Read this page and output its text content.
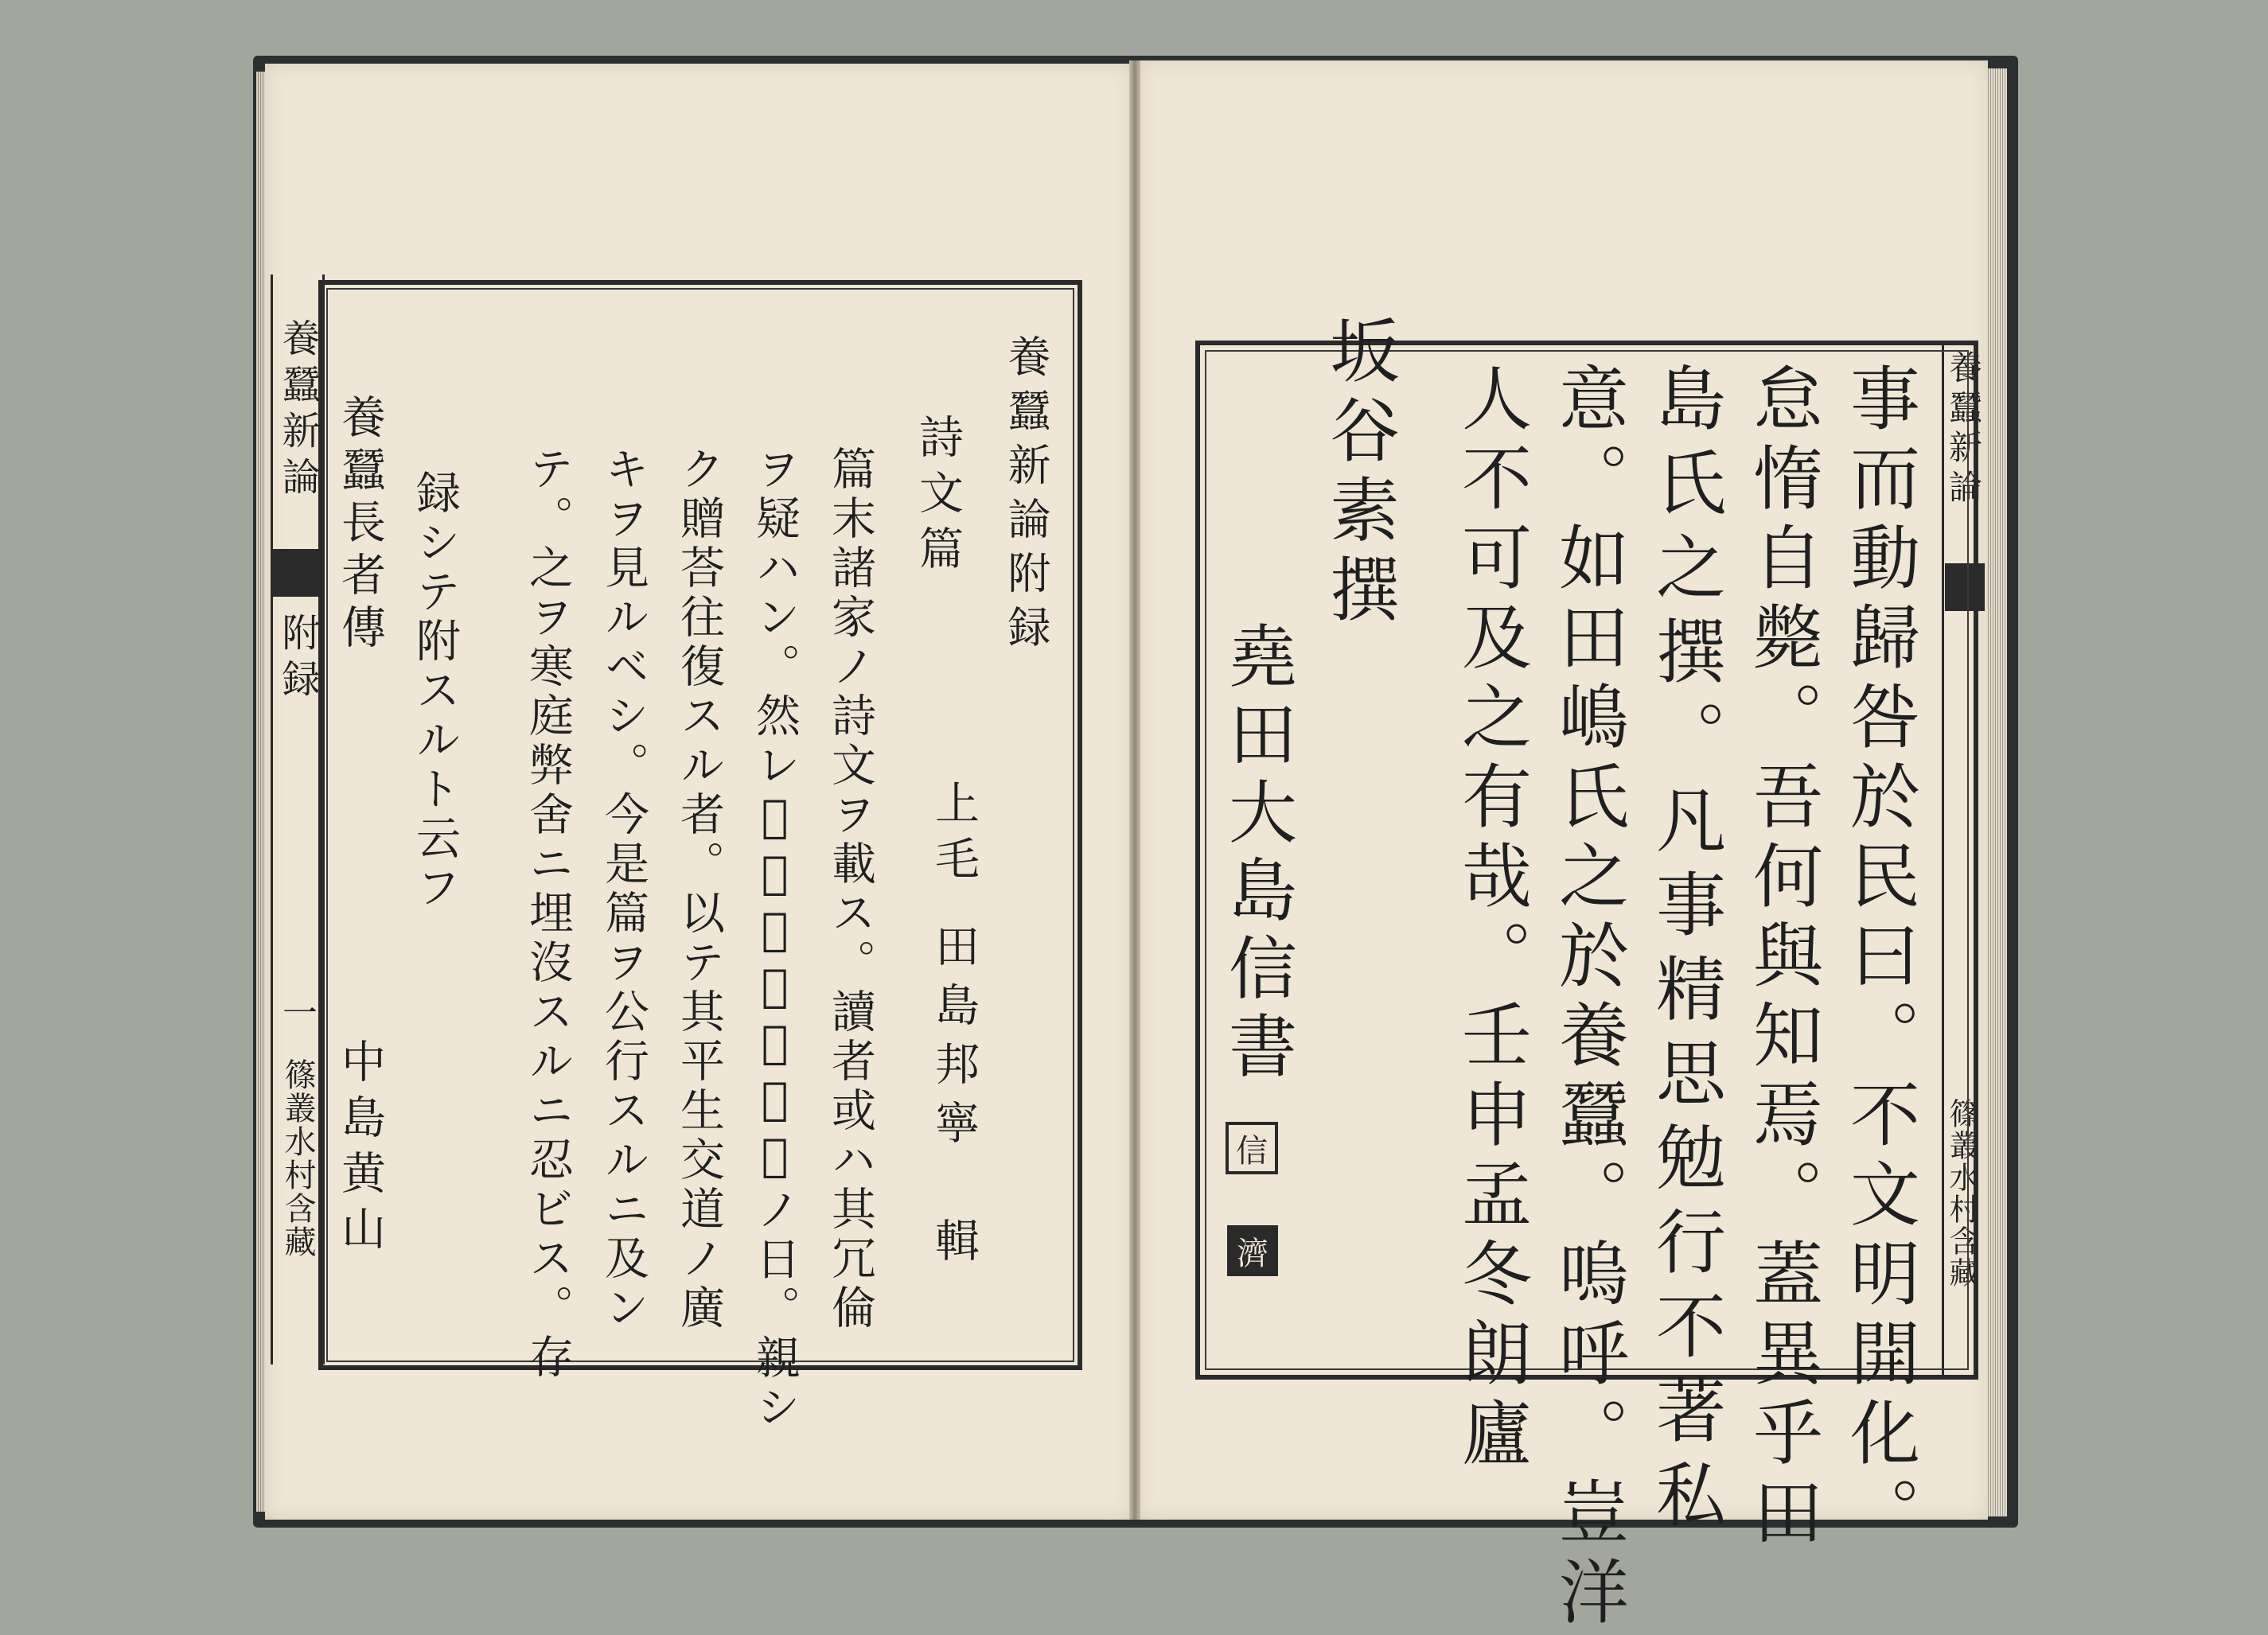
養蠶新論
附録
一
篠叢水村含藏
養蠶新論附録
詩文篇
上毛
田島邦寧
輯
篇末諸家ノ詩文ヲ載ス。讀者或ハ其冗倫
ヲ疑ハン。然レ𪜈此皆先考生存ノ日。親シ
ク贈荅往復スル者。以テ其平生交道ノ廣
キヲ見ルベシ。今是篇ヲ公行スルニ及ン
テ。之ヲ寒庭弊舍ニ埋沒スルニ忍ビス。存
録シテ附スルト云フ
養蠶長者傳
中島黄山
養蠶新論
篠叢水村含藏
事而動歸咎於民曰。不文明開化。
怠惰自斃。吾何與知焉。蓋異乎田
島氏之撰。凡事精思勉行不著私
意。如田嶋氏之於養蠶。嗚呼。豈洋
人不可及之有哉。壬申孟冬朗廬
坂谷素撰
堯田大島信書
信
濟
